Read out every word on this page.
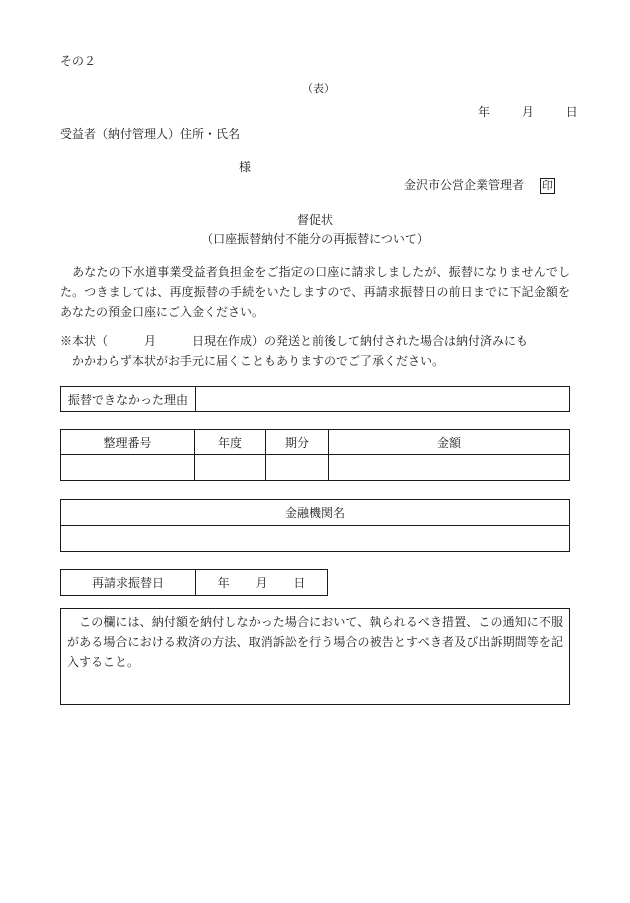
その２
（表）
年	月	日
受益者（納付管理人）住所・氏名
様
金沢市公営企業管理者 印
督促状
（口座振替納付不能分の再振替について）
　あなたの下水道事業受益者負担金をご指定の口座に請求しましたが、振替になりませんでした。つきましては、再度振替の手続をいたしますので、再請求振替日の前日までに下記金額をあなたの預金口座にご入金ください。
※本状（　　　月　　　日現在作成）の発送と前後して納付された場合は納付済みにも
かかわらず本状がお手元に届くこともありますのでご了承ください。
振替できなかった理由	
整理番号	年度	期分	金額

金融機関名

再請求振替日	年 月 日
　この欄には、納付額を納付しなかった場合において、執られるべき措置、この通知に不服がある場合における救済の方法、取消訴訟を行う場合の被告とすべき者及び出訴期間等を記入すること。
